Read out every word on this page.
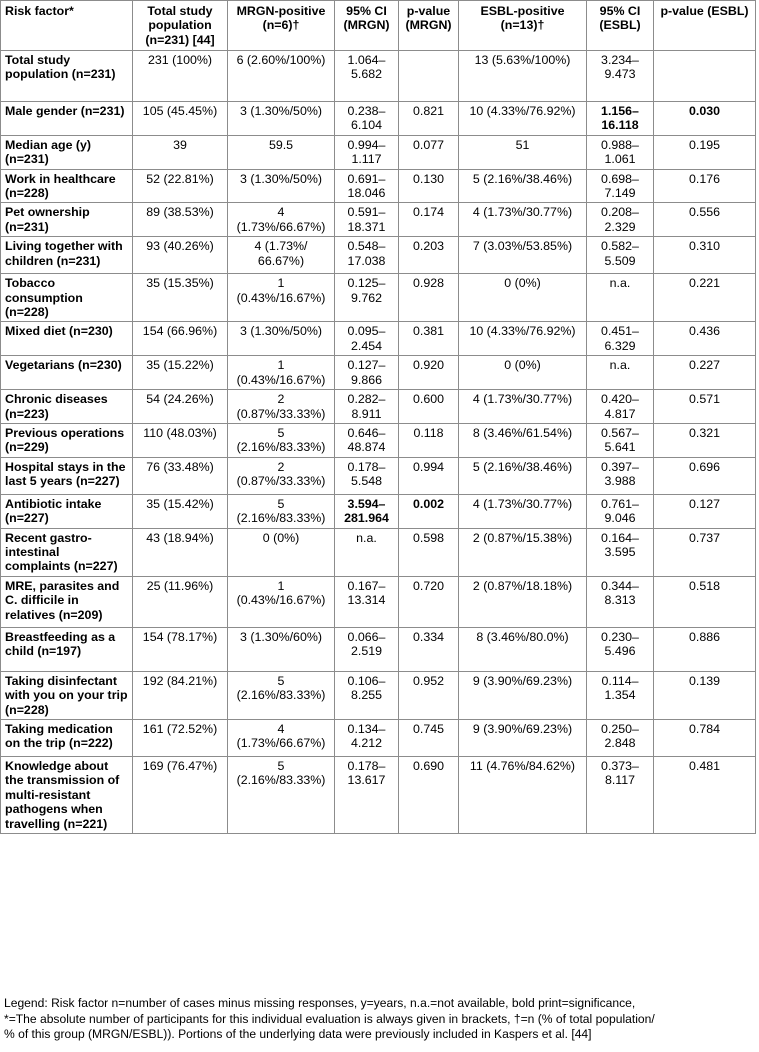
Risk factor*	Total study population (n=231) [44]	MRGN-positive (n=6)†	95% CI (MRGN)	p-value (MRGN)	ESBL-positive (n=13)†	95% CI (ESBL)	p-value (ESBL)
Total study population (n=231)	231 (100%)	6 (2.60%/100%)	1.064– 5.682		13 (5.63%/100%)	3.234– 9.473	
Male gender (n=231)	105 (45.45%)	3 (1.30%/50%)	0.238– 6.104	0.821	10 (4.33%/76.92%)	1.156– 16.118	0.030
Median age (y) (n=231)	39	59.5	0.994– 1.117	0.077	51	0.988– 1.061	0.195
Work in healthcare (n=228)	52 (22.81%)	3 (1.30%/50%)	0.691– 18.046	0.130	5 (2.16%/38.46%)	0.698– 7.149	0.176
Pet ownership (n=231)	89 (38.53%)	4 (1.73%/66.67%)	0.591– 18.371	0.174	4 (1.73%/30.77%)	0.208– 2.329	0.556
Living together with children (n=231)	93 (40.26%)	4 (1.73%/ 66.67%)	0.548– 17.038	0.203	7 (3.03%/53.85%)	0.582– 5.509	0.310
Tobacco consumption (n=228)	35 (15.35%)	1 (0.43%/16.67%)	0.125– 9.762	0.928	0 (0%)	n.a.	0.221
Mixed diet (n=230)	154 (66.96%)	3 (1.30%/50%)	0.095– 2.454	0.381	10 (4.33%/76.92%)	0.451– 6.329	0.436
Vegetarians (n=230)	35 (15.22%)	1 (0.43%/16.67%)	0.127– 9.866	0.920	0 (0%)	n.a.	0.227
Chronic diseases (n=223)	54 (24.26%)	2 (0.87%/33.33%)	0.282– 8.911	0.600	4 (1.73%/30.77%)	0.420– 4.817	0.571
Previous operations (n=229)	110 (48.03%)	5 (2.16%/83.33%)	0.646– 48.874	0.118	8 (3.46%/61.54%)	0.567– 5.641	0.321
Hospital stays in the last 5 years (n=227)	76 (33.48%)	2 (0.87%/33.33%)	0.178– 5.548	0.994	5 (2.16%/38.46%)	0.397– 3.988	0.696
Antibiotic intake (n=227)	35 (15.42%)	5 (2.16%/83.33%)	3.594– 281.964	0.002	4 (1.73%/30.77%)	0.761– 9.046	0.127
Recent gastro-intestinal complaints (n=227)	43 (18.94%)	0 (0%)	n.a.	0.598	2 (0.87%/15.38%)	0.164– 3.595	0.737
MRE, parasites and C. difficile in relatives (n=209)	25 (11.96%)	1 (0.43%/16.67%)	0.167– 13.314	0.720	2 (0.87%/18.18%)	0.344– 8.313	0.518
Breastfeeding as a child (n=197)	154 (78.17%)	3 (1.30%/60%)	0.066– 2.519	0.334	8 (3.46%/80.0%)	0.230– 5.496	0.886
Taking disinfectant with you on your trip (n=228)	192 (84.21%)	5 (2.16%/83.33%)	0.106– 8.255	0.952	9 (3.90%/69.23%)	0.114– 1.354	0.139
Taking medication on the trip (n=222)	161 (72.52%)	4 (1.73%/66.67%)	0.134– 4.212	0.745	9 (3.90%/69.23%)	0.250– 2.848	0.784
Knowledge about the transmission of multi-resistant pathogens when travelling (n=221)	169 (76.47%)	5 (2.16%/83.33%)	0.178– 13.617	0.690	11 (4.76%/84.62%)	0.373– 8.117	0.481

Legend: Risk factor n=number of cases minus missing responses, y=years, n.a.=not available, bold print=significance,

*=The absolute number of participants for this individual evaluation is always given in brackets, †=n (% of total population/

% of this group (MRGN/ESBL)). Portions of the underlying data were previously included in Kaspers et al. [44]
